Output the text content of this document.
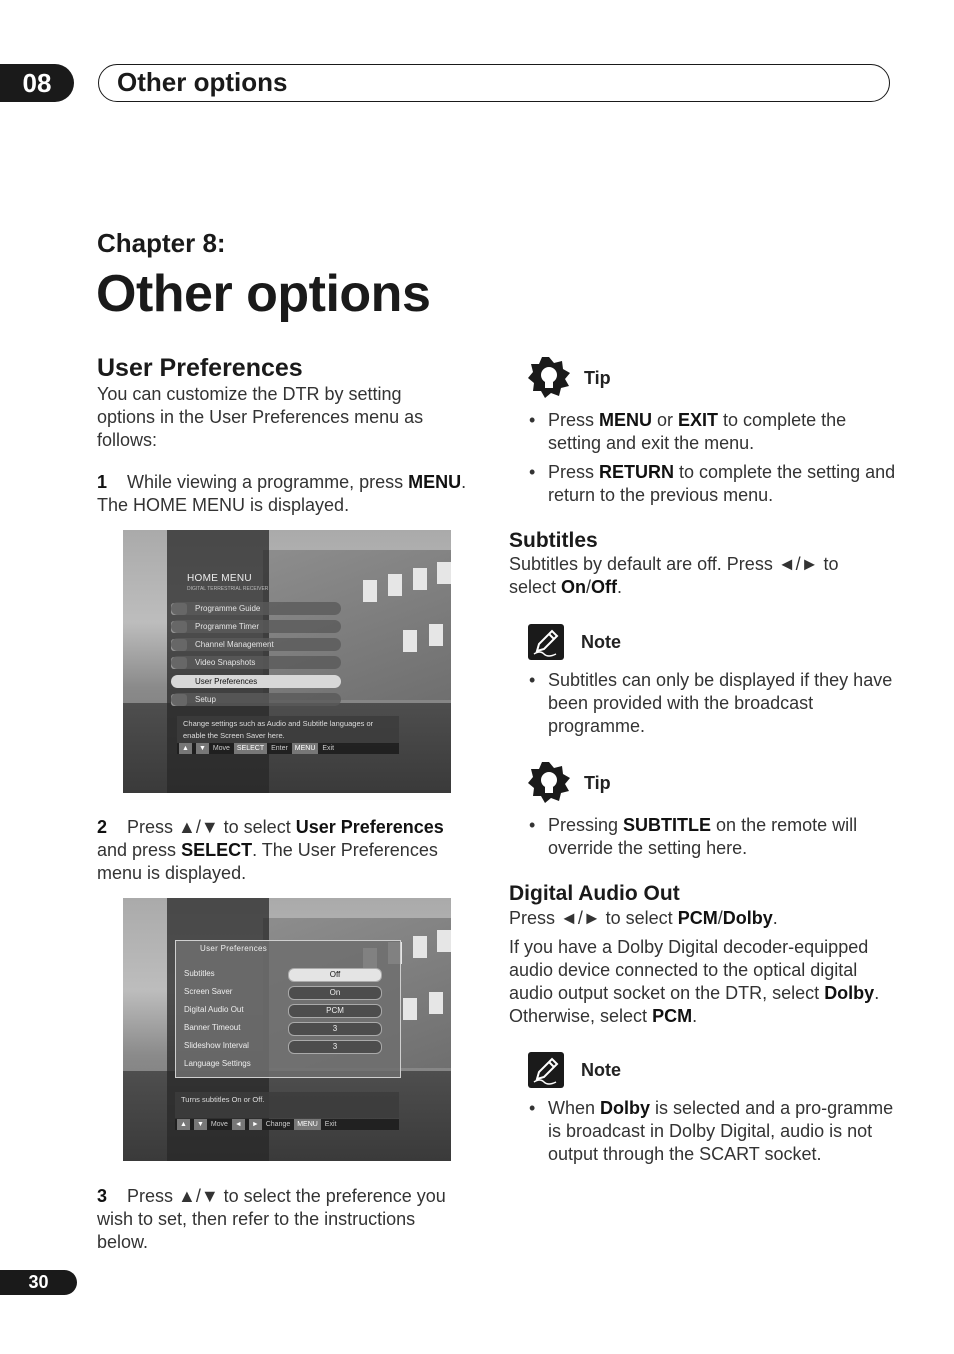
08	Other options
Chapter 8:
Other options
User Preferences
You can customize the DTR by setting options in the User Preferences menu as follows:
1 While viewing a programme, press MENU. The HOME MENU is displayed.
HOME MENU
DIGITAL TERRESTRIAL RECEIVER
Programme Guide
Programme Timer
Channel Management
Video Snapshots
User Preferences
Setup
Change settings such as Audio and Subtitle languages or enable the Screen Saver here.
▲ ▼ Move SELECT Enter MENU Exit
2 Press ▲/▼ to select User Preferences and press SELECT. The User Preferences menu is displayed.
User Preferences
Subtitles	Off
Screen Saver	On
Digital Audio Out	PCM
Banner Timeout	3
Slideshow Interval	3
Language Settings
Turns subtitles On or Off.
▲ ▼ Move ◄ ► Change MENU Exit
3 Press ▲/▼ to select the preference you wish to set, then refer to the instructions below.
Tip
• Press MENU or EXIT to complete the setting and exit the menu.
• Press RETURN to complete the setting and return to the previous menu.
Subtitles
Subtitles by default are off. Press ◄/► to select On/Off.
Note
• Subtitles can only be displayed if they have been provided with the broadcast programme.
Tip
• Pressing SUBTITLE on the remote will override the setting here.
Digital Audio Out
Press ◄/► to select PCM/Dolby.
If you have a Dolby Digital decoder-equipped audio device connected to the optical digital audio output socket on the DTR, select Dolby. Otherwise, select PCM.
Note
• When Dolby is selected and a pro-gramme is broadcast in Dolby Digital, audio is not output through the SCART socket.
30
